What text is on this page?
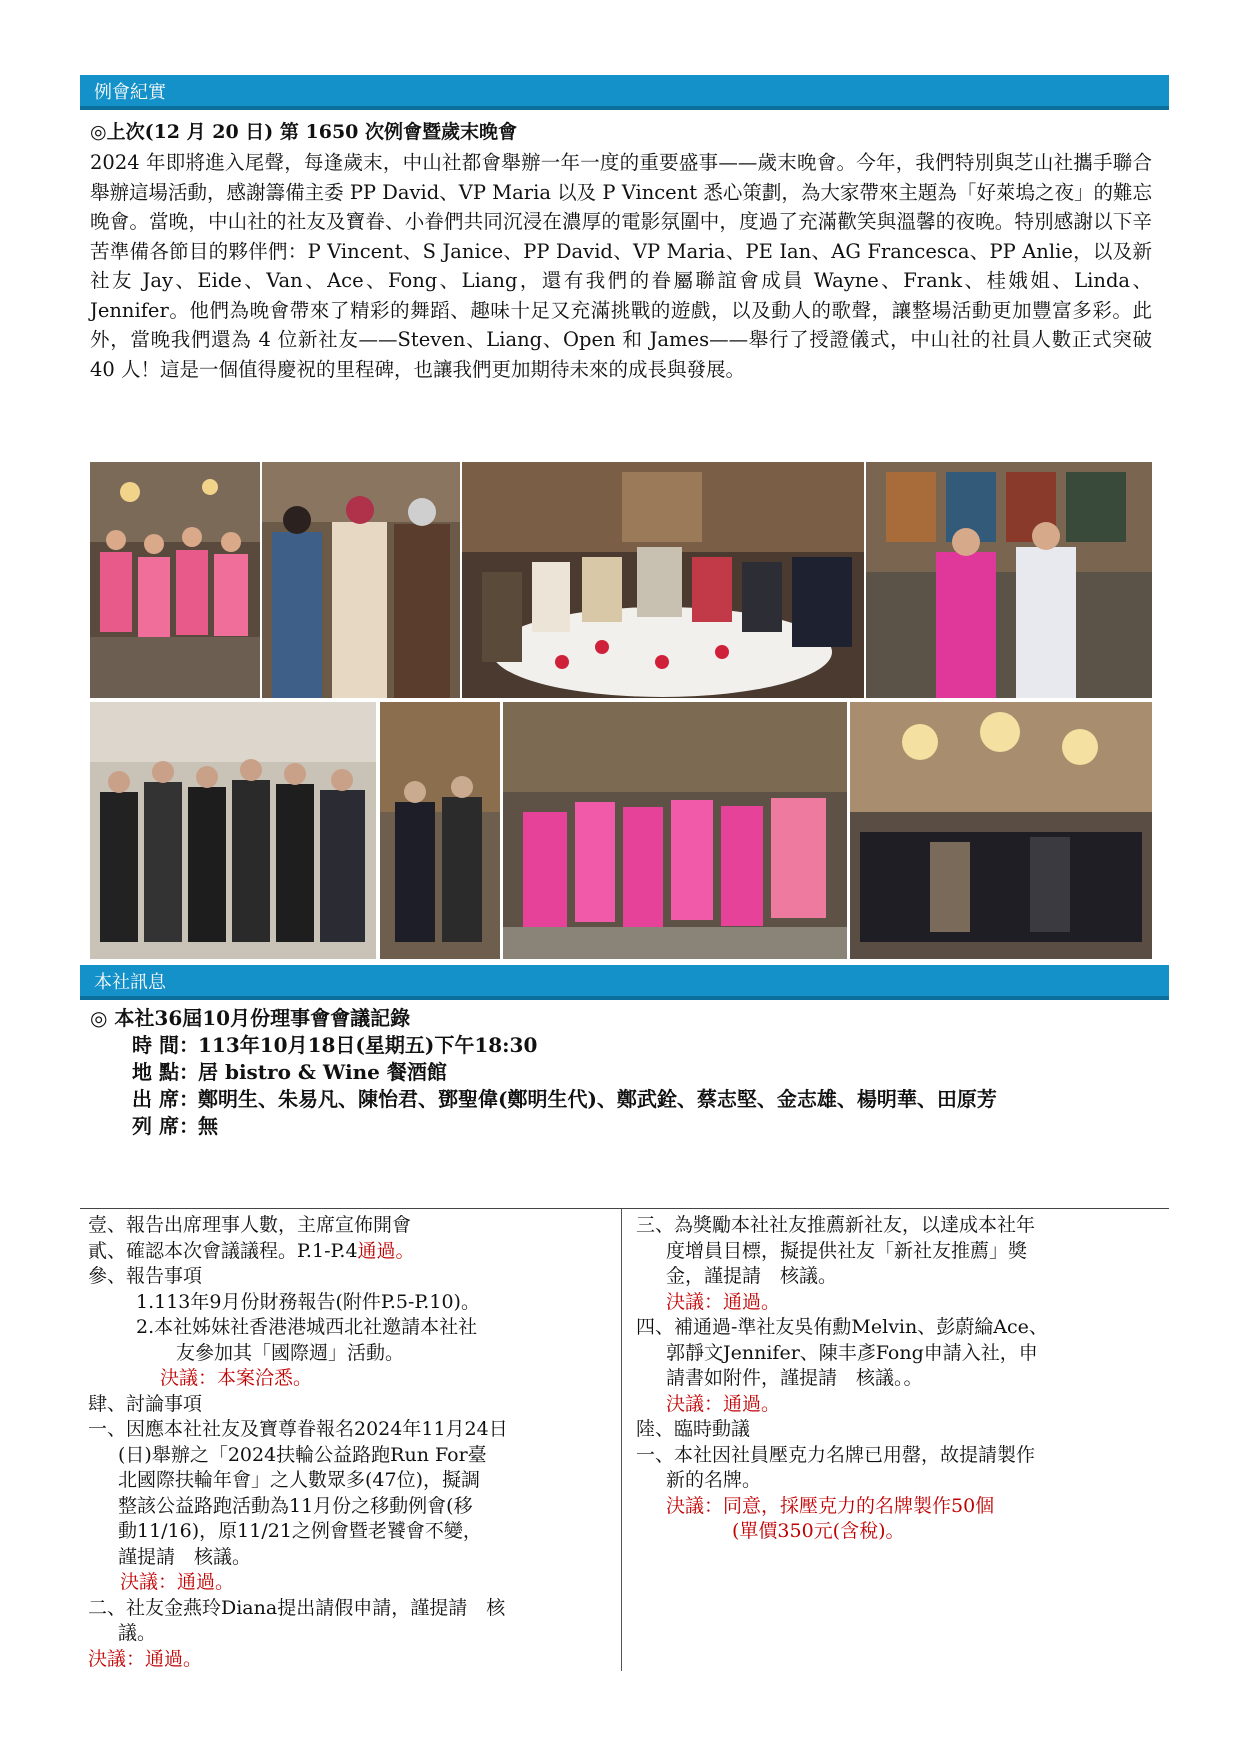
例會紀實
◎上次(12 月 20 日) 第 1650 次例會暨歲末晚會

2024 年即將進入尾聲，每逢歲末，中山社都會舉辦一年一度的重要盛事——歲末晚會。今年，我們特別與芝山社攜手聯合舉辦這場活動，感謝籌備主委 PP David、VP Maria 以及 P Vincent 悉心策劃，為大家帶來主題為「好萊塢之夜」的難忘晚會。當晚，中山社的社友及寶眷、小眷們共同沉浸在濃厚的電影氛圍中，度過了充滿歡笑與溫馨的夜晚。特別感謝以下辛苦準備各節目的夥伴們：P Vincent、S Janice、PP David、VP Maria、PE Ian、AG Francesca、PP Anlie，以及新社友 Jay、Eide、Van、Ace、Fong、Liang，還有我們的眷屬聯誼會成員 Wayne、Frank、桂娥姐、Linda、Jennifer。他們為晚會帶來了精彩的舞蹈、趣味十足又充滿挑戰的遊戲，以及動人的歌聲，讓整場活動更加豐富多彩。此外，當晚我們還為 4 位新社友——Steven、Liang、Open 和 James——舉行了授證儀式，中山社的社員人數正式突破 40 人！這是一個值得慶祝的里程碑，也讓我們更加期待未來的成長與發展。

本社訊息
◎ 本社36屆10月份理事會會議記錄
時 間： 113年10月18日(星期五)下午18:30
地 點： 居 bistro & Wine 餐酒館
出 席： 鄭明生、朱易凡、陳怡君、鄧聖偉(鄭明生代)、鄭武銓、蔡志堅、金志雄、楊明華、田原芳
列 席： 無
壹、報告出席理事人數，主席宣佈開會
貳、確認本次會議議程。P.1-P.4通過。
參、報告事項
1.113年9月份財務報告(附件P.5-P.10)。
2.本社姊妹社香港港城西北社邀請本社社
友參加其「國際週」活動。
決議：本案洽悉。
肆、討論事項
一、因應本社社友及寶尊眷報名2024年11月24日
(日)舉辦之「2024扶輪公益路跑Run For臺
北國際扶輪年會」之人數眾多(47位)，擬調
整該公益路跑活動為11月份之移動例會(移
動11/16)，原11/21之例會暨老饕會不變，
謹提請　核議。
決議：通過。
二、社友金燕玲Diana提出請假申請，謹提請　核
議。
決議：通過。
三、為獎勵本社社友推薦新社友，以達成本社年
度增員目標，擬提供社友「新社友推薦」獎
金，謹提請　核議。
決議：通過。
四、補通過-準社友吳侑勳Melvin、彭蔚綸Ace、
郭靜文Jennifer、陳丰彥Fong申請入社，申
請書如附件，謹提請　核議。。
決議：通過。
陸、臨時動議
一、本社因社員壓克力名牌已用罄，故提請製作
新的名牌。
決議：同意，採壓克力的名牌製作50個
(單價350元(含稅)。
